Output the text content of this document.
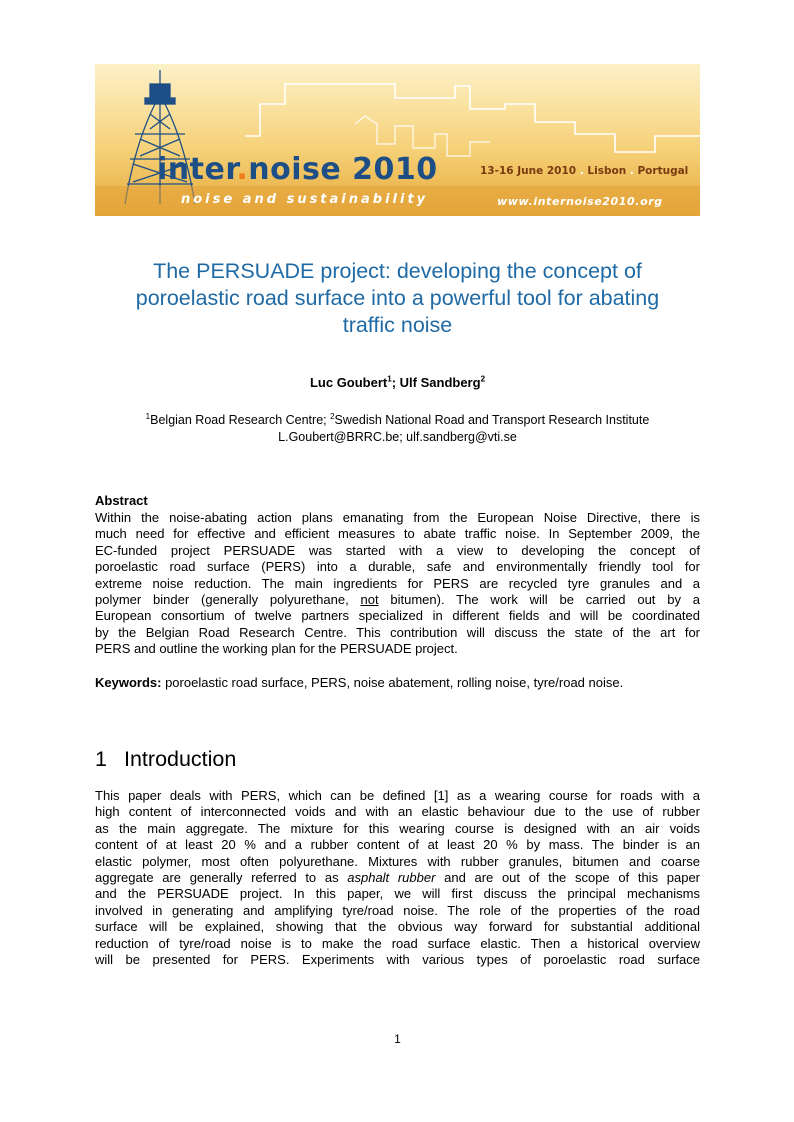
inter.noise 2010
noise and sustainability
13-16 June 2010 . Lisbon . Portugal
www.internoise2010.org
The PERSUADE project: developing the concept of
poroelastic road surface into a powerful tool for abating
traffic noise
Luc Goubert$^1$; Ulf Sandberg$^2$
$^1$Belgian Road Research Centre; $^2$Swedish National Road and Transport Research Institute
L.Goubert@BRRC.be; ulf.sandberg@vti.se
Abstract
Within the noise-abating action plans emanating from the European Noise Directive, there is
much need for effective and efficient measures to abate traffic noise. In September 2009, the
EC-funded project PERSUADE was started with a view to developing the concept of
poroelastic road surface (PERS) into a durable, safe and environmentally friendly tool for
extreme noise reduction. The main ingredients for PERS are recycled tyre granules and a
polymer binder (generally polyurethane, not bitumen). The work will be carried out by a
European consortium of twelve partners specialized in different fields and will be coordinated
by the Belgian Road Research Centre. This contribution will discuss the state of the art for
PERS and outline the working plan for the PERSUADE project.
Keywords: poroelastic road surface, PERS, noise abatement, rolling noise, tyre/road noise.
1 Introduction
This paper deals with PERS, which can be defined [1] as a wearing course for roads with a
high content of interconnected voids and with an elastic behaviour due to the use of rubber
as the main aggregate. The mixture for this wearing course is designed with an air voids
content of at least 20 % and a rubber content of at least 20 % by mass. The binder is an
elastic polymer, most often polyurethane. Mixtures with rubber granules, bitumen and coarse
aggregate are generally referred to as asphalt rubber and are out of the scope of this paper
and the PERSUADE project. In this paper, we will first discuss the principal mechanisms
involved in generating and amplifying tyre/road noise. The role of the properties of the road
surface will be explained, showing that the obvious way forward for substantial additional
reduction of tyre/road noise is to make the road surface elastic. Then a historical overview
will be presented for PERS. Experiments with various types of poroelastic road surface
1
